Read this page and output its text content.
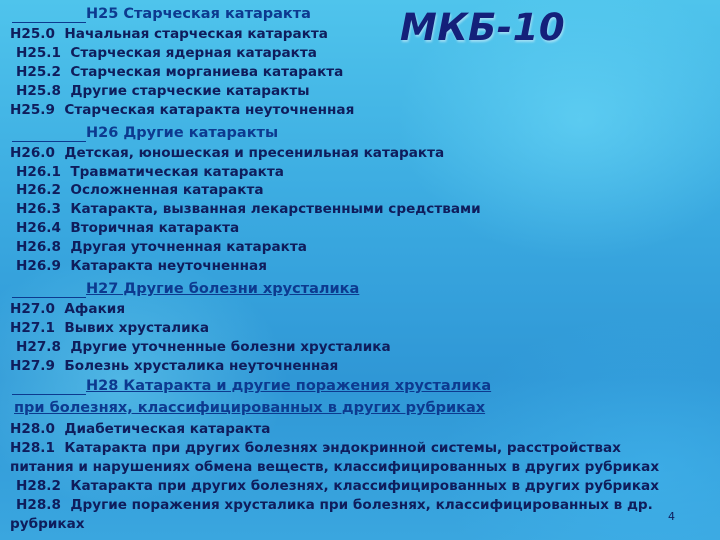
МКБ-10
Н25 Старческая катаракта
Н25.0 Начальная старческая катаракта
Н25.1 Старческая ядерная катаракта
Н25.2 Старческая морганиева катаракта
Н25.8 Другие старческие катаракты
Н25.9 Старческая катаракта неуточненная
Н26 Другие катаракты
Н26.0 Детская, юношеская и пресенильная катаракта
Н26.1 Травматическая катаракта
Н26.2 Осложненная катаракта
Н26.3 Катаракта, вызванная лекарственными средствами
Н26.4 Вторичная катаракта
Н26.8 Другая уточненная катаракта
Н26.9 Катаракта неуточненная
Н27 Другие болезни хрусталика
Н27.0 Афакия
Н27.1 Вывих хрусталика
Н27.8 Другие уточненные болезни хрусталика
Н27.9 Болезнь хрусталика неуточненная
Н28 Катаракта и другие поражения хрусталика
при болезнях, классифицированных в других рубриках
Н28.0 Диабетическая катаракта
Н28.1 Катаракта при других болезнях эндокринной системы, расстройствах
питания и нарушениях обмена веществ, классифицированных в других рубриках
Н28.2 Катаракта при других болезнях, классифицированных в других рубриках
Н28.8 Другие поражения хрусталика при болезнях, классифицированных в др.
рубриках	4
